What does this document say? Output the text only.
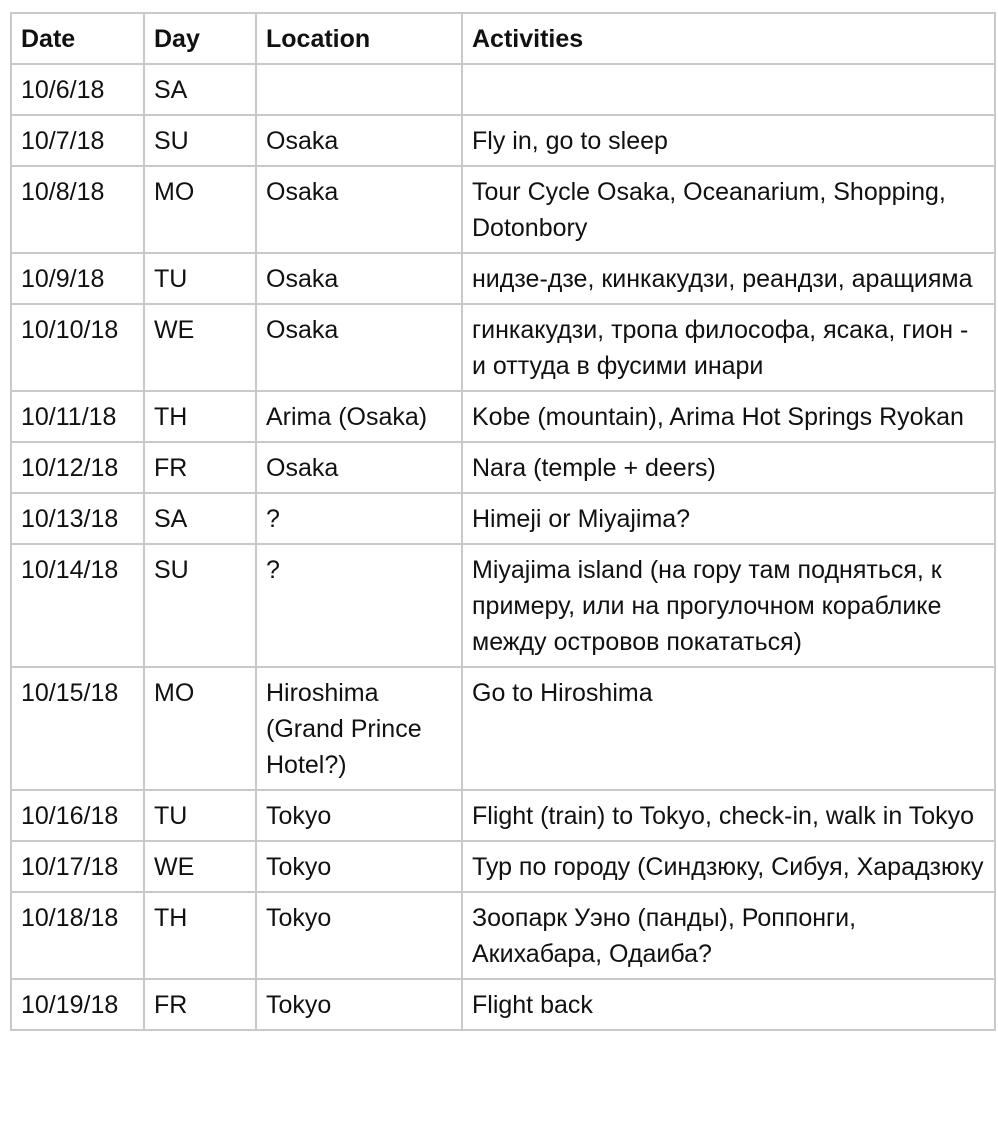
Date	Day	Location	Activities
10/6/18	SA		
10/7/18	SU	Osaka	Fly in, go to sleep
10/8/18	MO	Osaka	Tour Cycle Osaka, Oceanarium, Shopping, Dotonbory
10/9/18	TU	Osaka	нидзе-дзе, кинкакудзи, реандзи, аращияма
10/10/18	WE	Osaka	гинкакудзи, тропа философа, ясака, гион - и оттуда в фусими инари
10/11/18	TH	Arima (Osaka)	Kobe (mountain), Arima Hot Springs Ryokan
10/12/18	FR	Osaka	Nara (temple + deers)
10/13/18	SA	?	Himeji or Miyajima?
10/14/18	SU	?	Miyajima island (на гору там подняться, к примеру, или на прогулочном кораблике между островов покататься)
10/15/18	MO	Hiroshima (Grand Prince Hotel?)	Go to Hiroshima
10/16/18	TU	Tokyo	Flight (train) to Tokyo, check-in, walk in Tokyo
10/17/18	WE	Tokyo	Тур по городу (Синдзюку, Сибуя, Харадзюку
10/18/18	TH	Tokyo	Зоопарк Уэно (панды), Роппонги, Акихабара, Одаиба?
10/19/18	FR	Tokyo	Flight back
